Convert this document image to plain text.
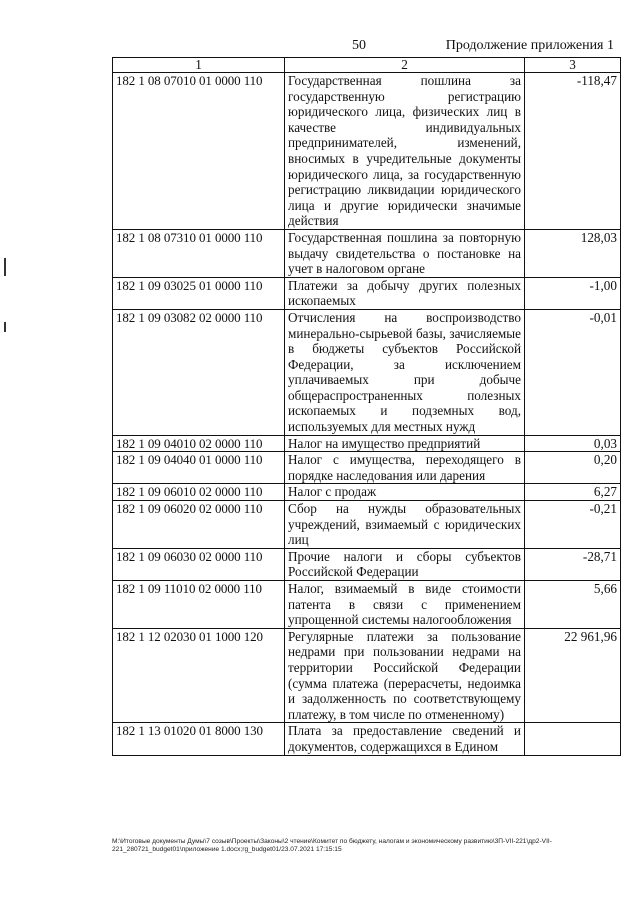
50	Продолжение приложения 1
1	2	3
182 1 08 07010 01 0000 110	Государственная пошлина за государственную регистрацию юридического лица, физических лиц в качестве индивидуальных предпринимателей, изменений, вносимых в учредительные документы юридического лица, за государственную регистрацию ликвидации юридического лица и другие юридически значимые действия	-118,47
182 1 08 07310 01 0000 110	Государственная пошлина за повторную выдачу свидетельства о постановке на учет в налоговом органе	128,03
182 1 09 03025 01 0000 110	Платежи за добычу других полезных ископаемых	-1,00
182 1 09 03082 02 0000 110	Отчисления на воспроизводство минерально-сырьевой базы, зачисляемые в бюджеты субъектов Российской Федерации, за исключением уплачиваемых при добыче общераспространенных полезных ископаемых и подземных вод, используемых для местных нужд	-0,01
182 1 09 04010 02 0000 110	Налог на имущество предприятий	0,03
182 1 09 04040 01 0000 110	Налог с имущества, переходящего в порядке наследования или дарения	0,20
182 1 09 06010 02 0000 110	Налог с продаж	6,27
182 1 09 06020 02 0000 110	Сбор на нужды образовательных учреждений, взимаемый с юридических лиц	-0,21
182 1 09 06030 02 0000 110	Прочие налоги и сборы субъектов Российской Федерации	-28,71
182 1 09 11010 02 0000 110	Налог, взимаемый в виде стоимости патента в связи с применением упрощенной системы налогообложения	5,66
182 1 12 02030 01 1000 120	Регулярные платежи за пользование недрами при пользовании недрами на территории Российской Федерации (сумма платежа (перерасчеты, недоимка и задолженность по соответствующему платежу, в том числе по отмененному)	22 961,96
182 1 13 01020 01 8000 130	Плата за предоставление сведений и документов, содержащихся в Едином	
M:\Итоговые документы Думы\7 созыв\Проекты\Законы\2 чтение\Комитет по бюджету, налогам и экономическому развитию\3П-VII-221\др2-VII-221_280721_budget01\приложение 1.docx;rg_budget01/23.07.2021 17:15:15
